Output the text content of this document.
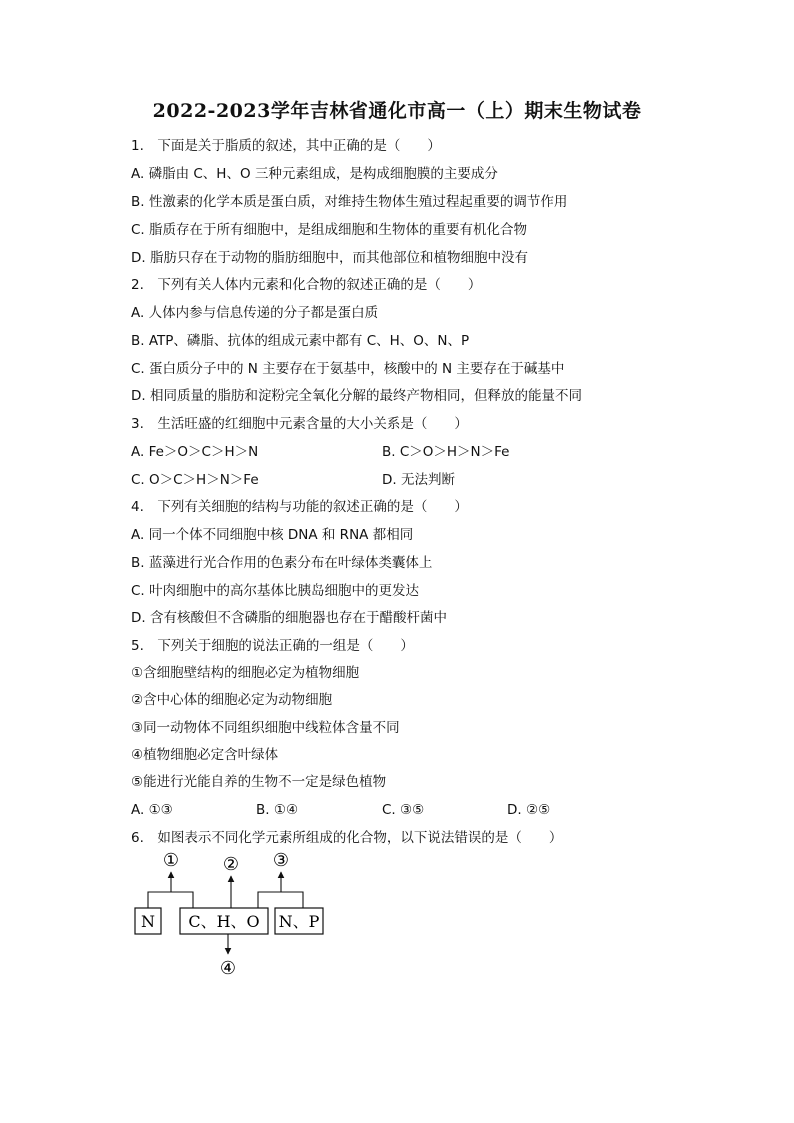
2022-2023学年吉林省通化市高一（上）期末生物试卷
1.　下面是关于脂质的叙述，其中正确的是（　　）
A. 磷脂由 C、H、O 三种元素组成，是构成细胞膜的主要成分
B. 性激素的化学本质是蛋白质，对维持生物体生殖过程起重要的调节作用
C. 脂质存在于所有细胞中，是组成细胞和生物体的重要有机化合物
D. 脂肪只存在于动物的脂肪细胞中，而其他部位和植物细胞中没有
2.　下列有关人体内元素和化合物的叙述正确的是（　　）
A. 人体内参与信息传递的分子都是蛋白质
B. ATP、磷脂、抗体的组成元素中都有 C、H、O、N、P
C. 蛋白质分子中的 N 主要存在于氨基中，核酸中的 N 主要存在于碱基中
D. 相同质量的脂肪和淀粉完全氧化分解的最终产物相同，但释放的能量不同
3.　生活旺盛的红细胞中元素含量的大小关系是（　　）
A. Fe＞O＞C＞H＞N	B. C＞O＞H＞N＞Fe
C. O＞C＞H＞N＞Fe	D. 无法判断
4.　下列有关细胞的结构与功能的叙述正确的是（　　）
A. 同一个体不同细胞中核 DNA 和 RNA 都相同
B. 蓝藻进行光合作用的色素分布在叶绿体类囊体上
C. 叶肉细胞中的高尔基体比胰岛细胞中的更发达
D. 含有核酸但不含磷脂的细胞器也存在于醋酸杆菌中
5.　下列关于细胞的说法正确的一组是（　　）
①含细胞壁结构的细胞必定为植物细胞
②含中心体的细胞必定为动物细胞
③同一动物体不同组织细胞中线粒体含量不同
④植物细胞必定含叶绿体
⑤能进行光能自养的生物不一定是绿色植物
A. ①③	B. ①④	C. ③⑤	D. ②⑤
6.　如图表示不同化学元素所组成的化合物，以下说法错误的是（　　）
N C、H、O N、P
① ② ③
④
